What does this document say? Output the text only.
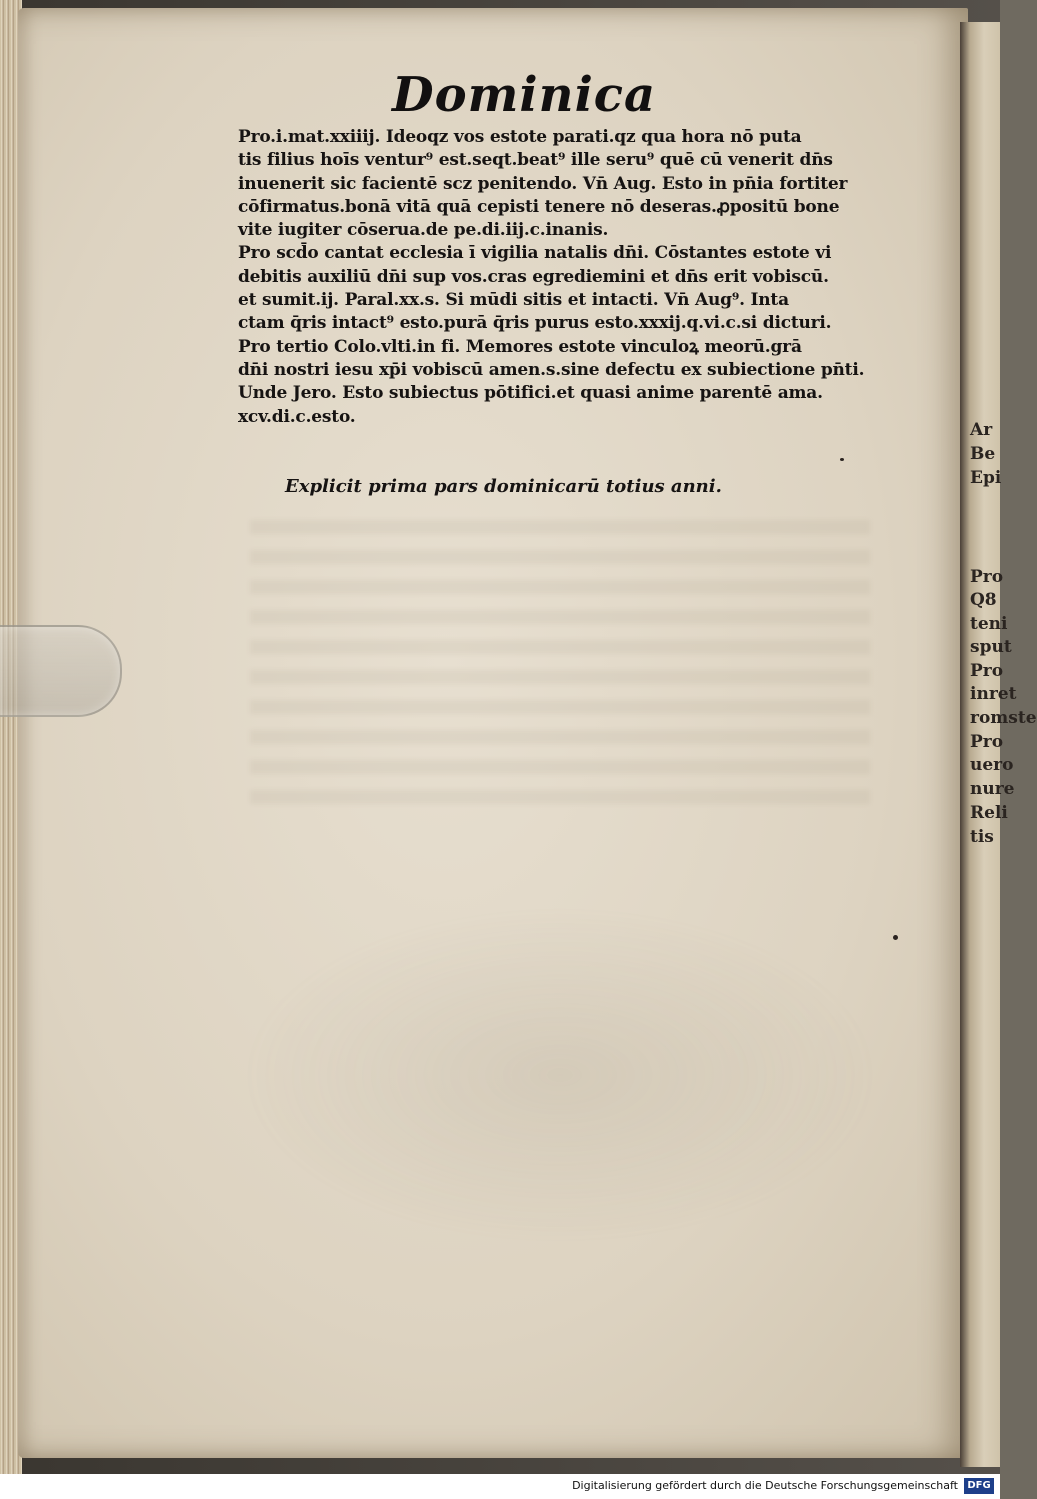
Ar
Be
Epi
Pro
Q8
teni
sput
Pro
inret
romste
Pro
uero
nure
Reli
tis
Dominica
Pro.i.mat.xxiiij. Ideoqz vos estote parati.qz qua hora nō puta
tis filius hoīs ventur⁹ est.seqt.beat⁹ ille seru⁹ quē cū venerit dn̄s
inuenerit sic facientē scz penitendo. Vn̄ Aug. Esto in pn̄ia fortiter
cōfirmatus.bonā vitā quā cepisti tenere nō deseras.ꝓpositū bone
vite iugiter cōserua.de pe.di.iij.c.inanis.
Pro scd̄o cantat ecclesia ī vigilia natalis dn̄i. Cōstantes estote vi
debitis auxiliū dn̄i sup vos.cras egrediemini et dn̄s erit vobiscū.
et sumit.ij. Paral.xx.s. Si mūdi sitis et intacti. Vn̄ Aug⁹. Inta
ctam q̄ris intact⁹ esto.purā q̄ris purus esto.xxxij.q.vi.c.si dicturi.
Pro tertio Colo.vlti.in fi. Memores estote vinculoꝝ meorū.grā
dn̄i nostri iesu xp̄i vobiscū amen.s.sine defectu ex subiectione pn̄ti.
Unde Jero. Esto subiectus pōtifici.et quasi anime parentē ama.
xcv.di.c.esto.
Explicit prima pars dominicarū totius anni.
Digitalisierung gefördert durch die Deutsche Forschungsgemeinschaft DFG
